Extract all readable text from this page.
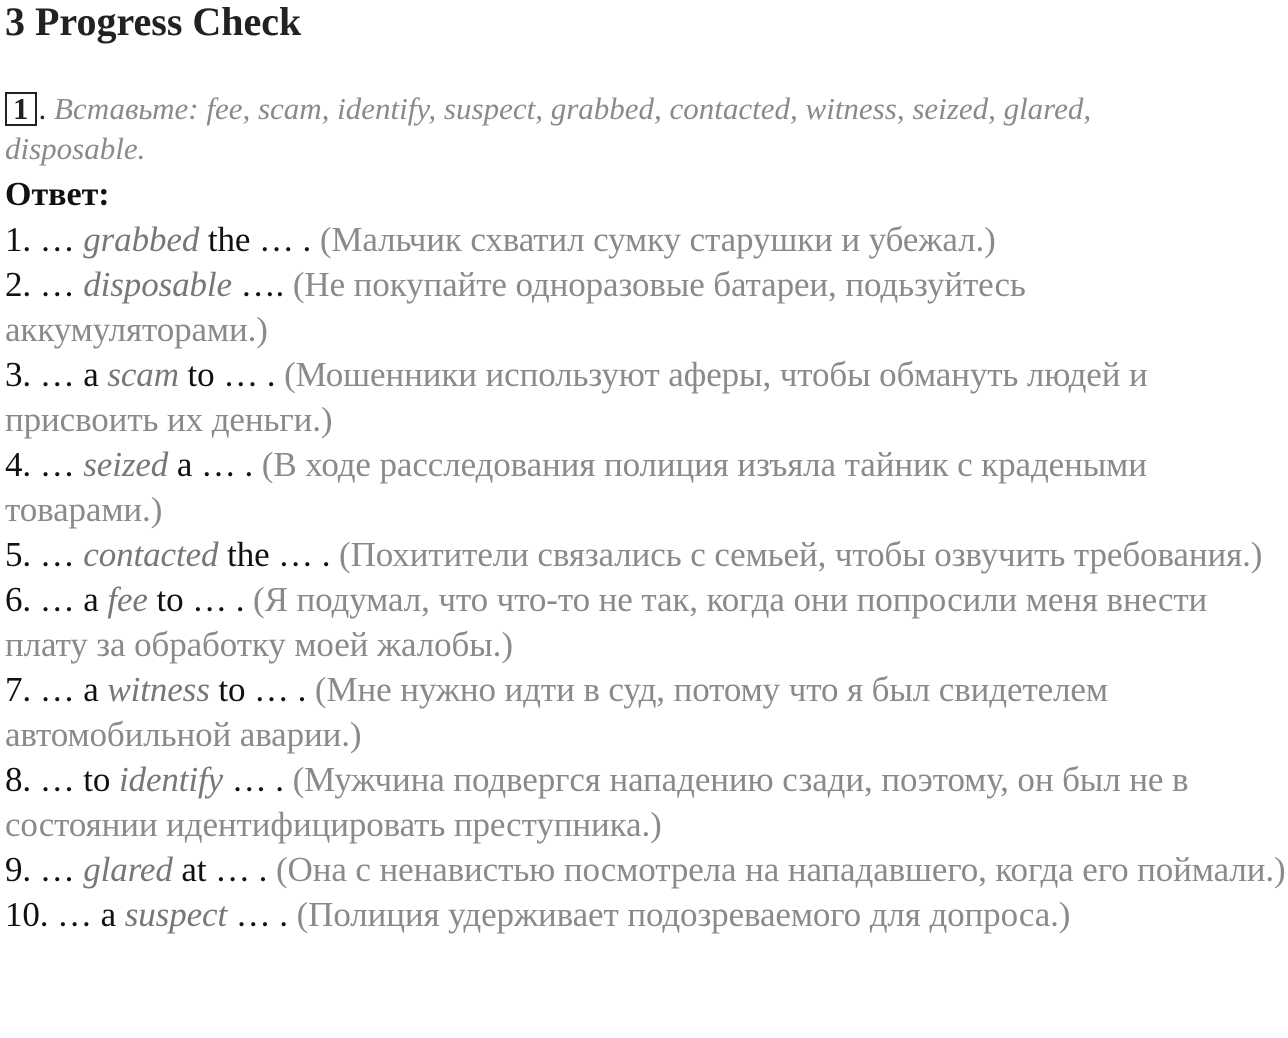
3 Progress Check
1 . Вставьте: fee, scam, identify, suspect, grabbed, contacted, witness, seized, glared, disposable.
Ответ:
1. … grabbed the … . (Мальчик схватил сумку старушки и убежал.)
2. … disposable …. (Не покупайте одноразовые батареи, подьзуйтесь аккумуляторами.)
3. … a scam to … . (Мошенники используют аферы, чтобы обмануть людей и присвоить их деньги.)
4. … seized a … . (В ходе расследования полиция изъяла тайник с крадеными товарами.)
5. … contacted the … . (Похитители связались с семьей, чтобы озвучить требования.)
6. … a fee to … . (Я подумал, что что-то не так, когда они попросили меня внести плату за обработку моей жалобы.)
7. … a witness to … . (Мне нужно идти в суд, потому что я был свидетелем автомобильной аварии.)
8. … to identify … . (Мужчина подвергся нападению сзади, поэтому, он был не в состоянии идентифицировать преступника.)
9. … glared at … . (Она с ненавистью посмотрела на нападавшего, когда его поймали.)
10. … a suspect … . (Полиция удерживает подозреваемого для допроса.)
